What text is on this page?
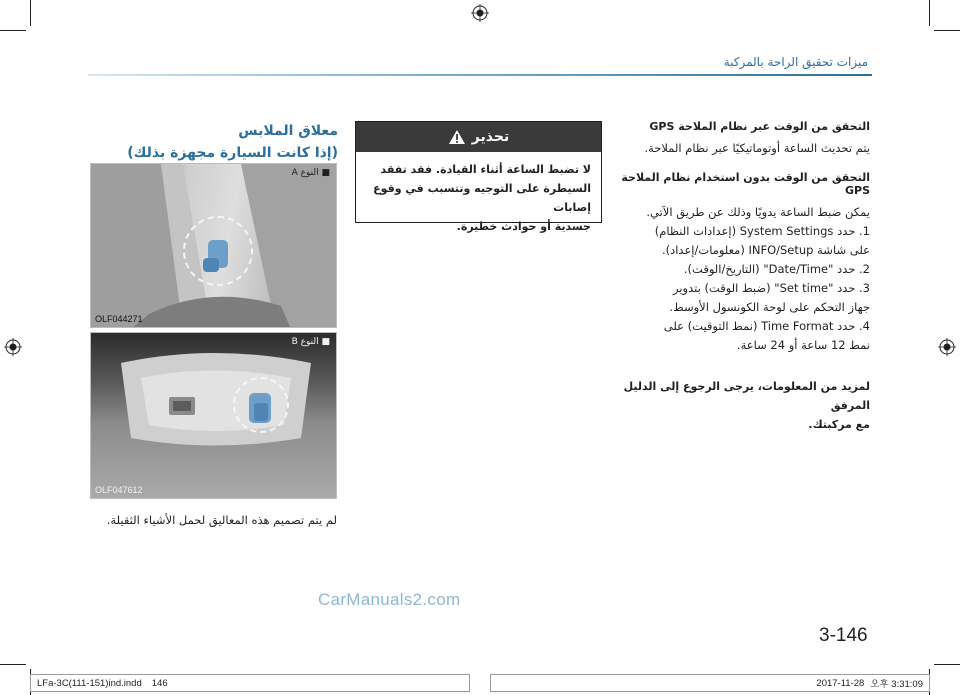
ميزات تحقيق الراحة بالمركبة
التحقق من الوقت عبر نظام الملاحة GPS
يتم تحديث الساعة أوتوماتيكيًا عبر نظام الملاحة.
التحقق من الوقت بدون استخدام نظام الملاحة GPS
يمكن ضبط الساعة يدويًا وذلك عن طريق الآتي.
1. حدد System Settings (إعدادات النظام)
على شاشة INFO/Setup (معلومات/إعداد).
2. حدد "Date/Time" (التاريخ/الوقت).
3. حدد "Set time" (ضبط الوقت) بتدوير
جهاز التحكم على لوحة الكونسول الأوسط.
4. حدد Time Format (نمط التوقيت) على
نمط 12 ساعة أو 24 ساعة.
لمزيد من المعلومات، يرجى الرجوع إلى الدليل المرفق
مع مركبتك.
تحذير
لا تضبط الساعة أثناء القيادة. فقد تفقد
السيطرة على التوجيه وتتسبب في وقوع إصابات
جسدية أو حوادث خطيرة.
معلاق الملابس
(إذا كانت السيارة مجهزة بذلك)
■ النوع A
OLF044271
■ النوع B
OLF047612
لم يتم تصميم هذه المعاليق لحمل الأشياء الثقيلة.
CarManuals2.com
3-146
LFa-3C(111-151)ind.indd 146	2017-11-28 오후 3:31:09
